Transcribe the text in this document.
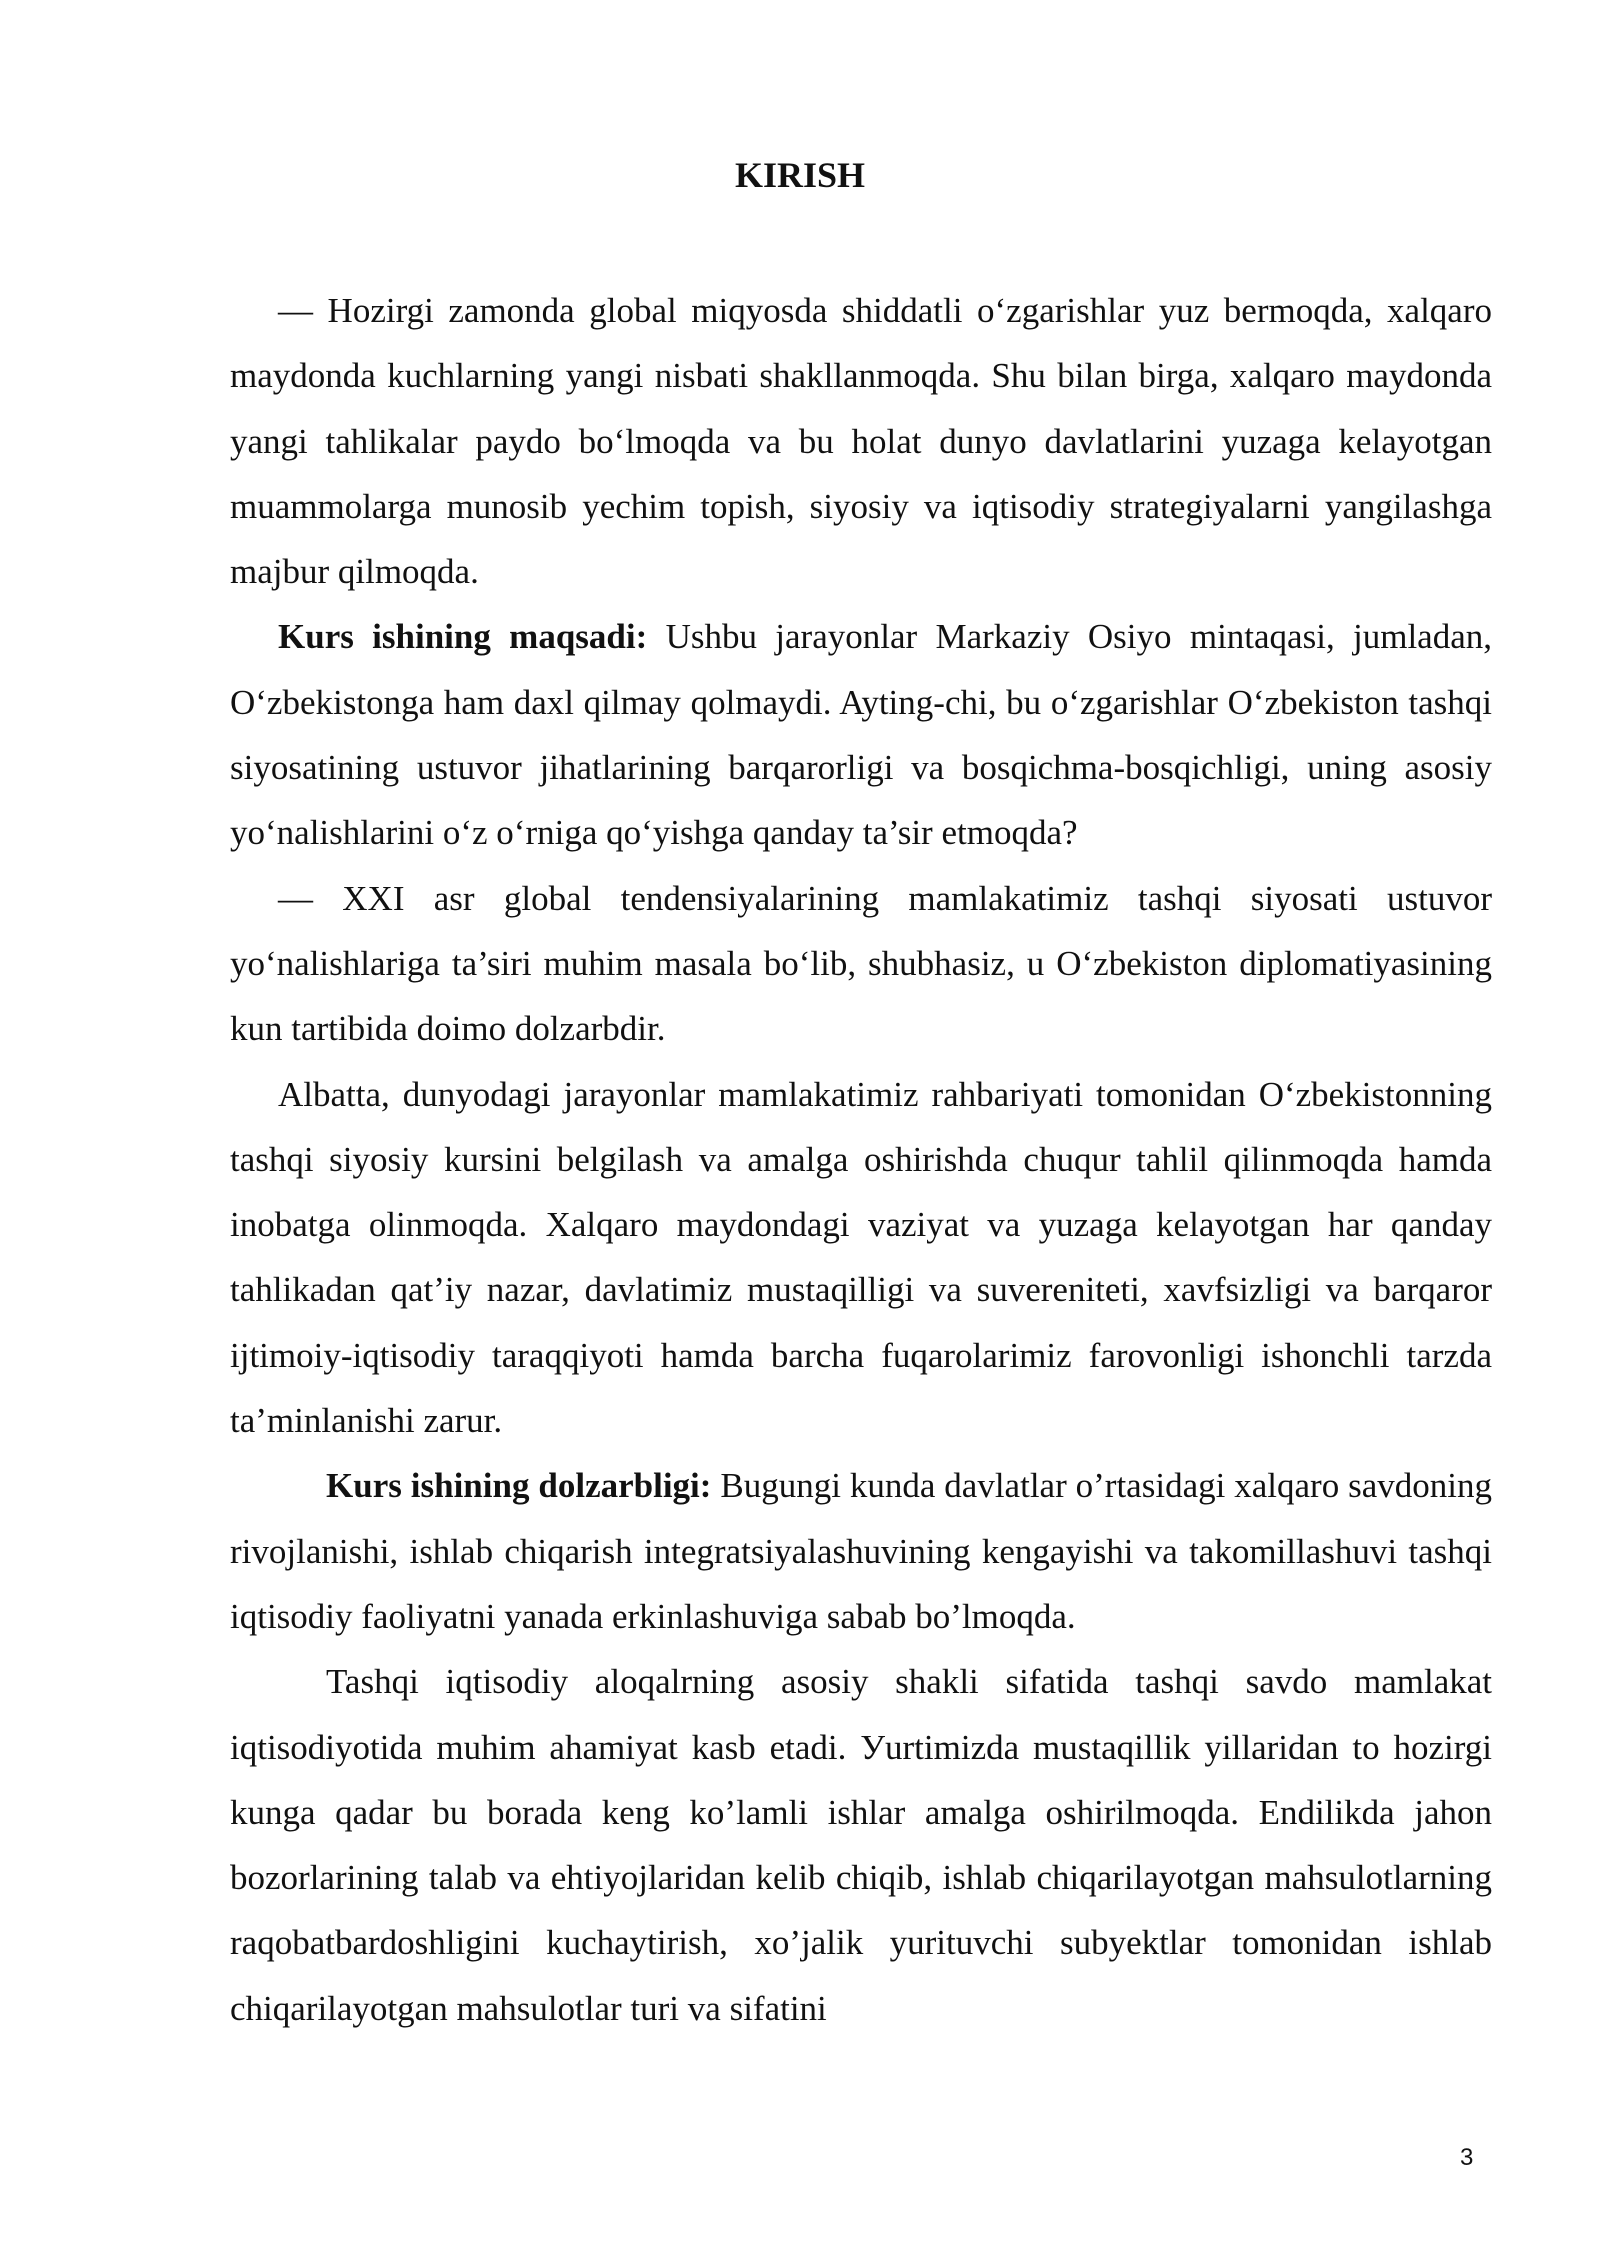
KIRISH

— Hozirgi zamonda global miqyosda shiddatli o‘zgarishlar yuz bermoqda, xalqaro maydonda kuchlarning yangi nisbati shakllanmoqda. Shu bilan birga, xalqaro maydonda yangi tahlikalar paydo bo‘lmoqda va bu holat dunyo davlatlarini yuzaga kelayotgan muammolarga munosib yechim topish, siyosiy va iqtisodiy strategiyalarni yangilashga majbur qilmoqda.

Kurs ishining maqsadi: Ushbu jarayonlar Markaziy Osiyo mintaqasi, jumladan, O‘zbekistonga ham daxl qilmay qolmaydi. Ayting-chi, bu o‘zgarishlar O‘zbekiston tashqi siyosatining ustuvor jihatlarining barqarorligi va bosqichma-bosqichligi, uning asosiy yo‘nalishlarini o‘z o‘rniga qo‘yishga qanday ta’sir etmoqda?

— XXI asr global tendensiyalarining mamlakatimiz tashqi siyosati ustuvor yo‘nalishlariga ta’siri muhim masala bo‘lib, shubhasiz, u O‘zbekiston diplomatiyasining kun tartibida doimo dolzarbdir.

Albatta, dunyodagi jarayonlar mamlakatimiz rahbariyati tomonidan O‘zbekistonning tashqi siyosiy kursini belgilash va amalga oshirishda chuqur tahlil qilinmoqda hamda inobatga olinmoqda. Xalqaro maydondagi vaziyat va yuzaga kelayotgan har qanday tahlikadan qat’iy nazar, davlatimiz mustaqilligi va suvereniteti, xavfsizligi va barqaror ijtimoiy-iqtisodiy taraqqiyoti hamda barcha fuqarolarimiz farovonligi ishonchli tarzda ta’minlanishi zarur.

Kurs ishining dolzarbligi: Bugungi kunda davlatlar o’rtasidagi xalqaro savdoning rivojlanishi, ishlab chiqarish integratsiyalashuvining kengayishi va takomillashuvi tashqi iqtisodiy faoliyatni yanada erkinlashuviga sabab bo’lmoqda.

Tashqi iqtisodiy aloqalrning asosiy shakli sifatida tashqi savdo mamlakat iqtisodiyotida muhim ahamiyat kasb etadi. Уurtimizda mustaqillik yillaridan to hozirgi kunga qadar bu borada keng ko’lamli ishlar amalga oshirilmoqda. Endilikda jahon bozorlarining talab va ehtiyojlaridan kelib chiqib, ishlab chiqarilayotgan mahsulotlarning raqobatbardoshligini kuchaytirish, xo’jalik yurituvchi subyektlar tomonidan ishlab chiqarilayotgan mahsulotlar turi va sifatini

3
